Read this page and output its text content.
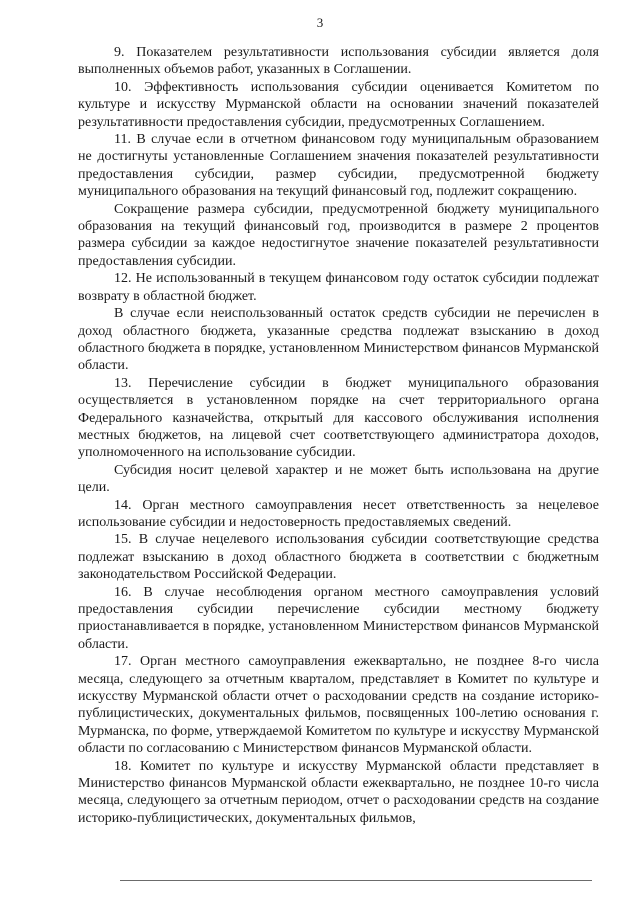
3

9. Показателем результативности использования субсидии является доля выполненных объемов работ, указанных в Соглашении.

10. Эффективность использования субсидии оценивается Комитетом по культуре и искусству Мурманской области на основании значений показателей результативности предоставления субсидии, предусмотренных Соглашением.

11. В случае если в отчетном финансовом году муниципальным образованием не достигнуты установленные Соглашением значения показателей результативности предоставления субсидии, размер субсидии, предусмотренной бюджету муниципального образования на текущий финансовый год, подлежит сокращению.

Сокращение размера субсидии, предусмотренной бюджету муниципального образования на текущий финансовый год, производится в размере 2 процентов размера субсидии за каждое недостигнутое значение показателей результативности предоставления субсидии.

12. Не использованный в текущем финансовом году остаток субсидии подлежат возврату в областной бюджет.

В случае если неиспользованный остаток средств субсидии не перечислен в доход областного бюджета, указанные средства подлежат взысканию в доход областного бюджета в порядке, установленном Министерством финансов Мурманской области.

13. Перечисление субсидии в бюджет муниципального образования осуществляется в установленном порядке на счет территориального органа Федерального казначейства, открытый для кассового обслуживания исполнения местных бюджетов, на лицевой счет соответствующего администратора доходов, уполномоченного на использование субсидии.

Субсидия носит целевой характер и не может быть использована на другие цели.

14. Орган местного самоуправления несет ответственность за нецелевое использование субсидии и недостоверность предоставляемых сведений.

15. В случае нецелевого использования субсидии соответствующие средства подлежат взысканию в доход областного бюджета в соответствии с бюджетным законодательством Российской Федерации.

16. В случае несоблюдения органом местного самоуправления условий предоставления субсидии перечисление субсидии местному бюджету приостанавливается в порядке, установленном Министерством финансов Мурманской области.

17. Орган местного самоуправления ежеквартально, не позднее 8-го числа месяца, следующего за отчетным кварталом, представляет в Комитет по культуре и искусству Мурманской области отчет о расходовании средств на создание историко-публицистических, документальных фильмов, посвященных 100-летию основания г. Мурманска, по форме, утверждаемой Комитетом по культуре и искусству Мурманской области по согласованию с Министерством финансов Мурманской области.

18. Комитет по культуре и искусству Мурманской области представляет в Министерство финансов Мурманской области ежеквартально, не позднее 10-го числа месяца, следующего за отчетным периодом, отчет о расходовании средств на создание историко-публицистических, документальных фильмов,
